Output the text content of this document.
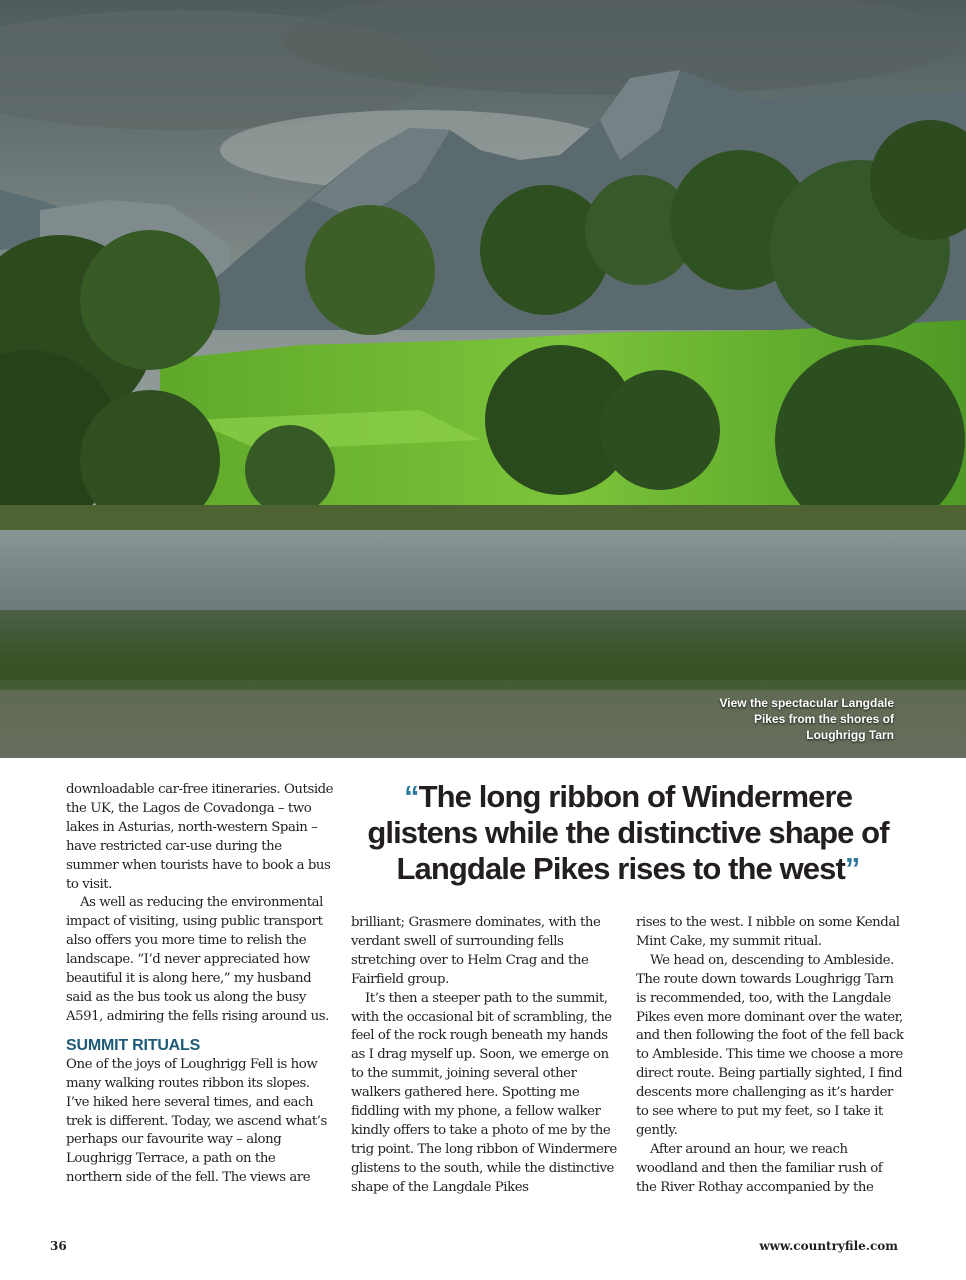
View the spectacular Langdale Pikes from the shores of Loughrigg Tarn
“The long ribbon of Windermere glistens while the distinctive shape of Langdale Pikes rises to the west”

downloadable car-free itineraries. Outside the UK, the Lagos de Covadonga – two lakes in Asturias, north-western Spain – have restricted car-use during the summer when tourists have to book a bus to visit.

As well as reducing the environmental impact of visiting, using public transport also offers you more time to relish the landscape. “I’d never appreciated how beautiful it is along here,” my husband said as the bus took us along the busy A591, admiring the fells rising around us.

SUMMIT RITUALS

One of the joys of Loughrigg Fell is how many walking routes ribbon its slopes. I’ve hiked here several times, and each trek is different. Today, we ascend what’s perhaps our favourite way – along Loughrigg Terrace, a path on the northern side of the fell. The views are

brilliant; Grasmere dominates, with the verdant swell of surrounding fells stretching over to Helm Crag and the Fairfield group.

It’s then a steeper path to the summit, with the occasional bit of scrambling, the feel of the rock rough beneath my hands as I drag myself up. Soon, we emerge on to the summit, joining several other walkers gathered here. Spotting me fiddling with my phone, a fellow walker kindly offers to take a photo of me by the trig point. The long ribbon of Windermere glistens to the south, while the distinctive shape of the Langdale Pikes

rises to the west. I nibble on some Kendal Mint Cake, my summit ritual.

We head on, descending to Ambleside. The route down towards Loughrigg Tarn is recommended, too, with the Langdale Pikes even more dominant over the water, and then following the foot of the fell back to Ambleside. This time we choose a more direct route. Being partially sighted, I find descents more challenging as it’s harder to see where to put my feet, so I take it gently.

After around an hour, we reach woodland and then the familiar rush of the River Rothay accompanied by the

36	www.countryfile.com
